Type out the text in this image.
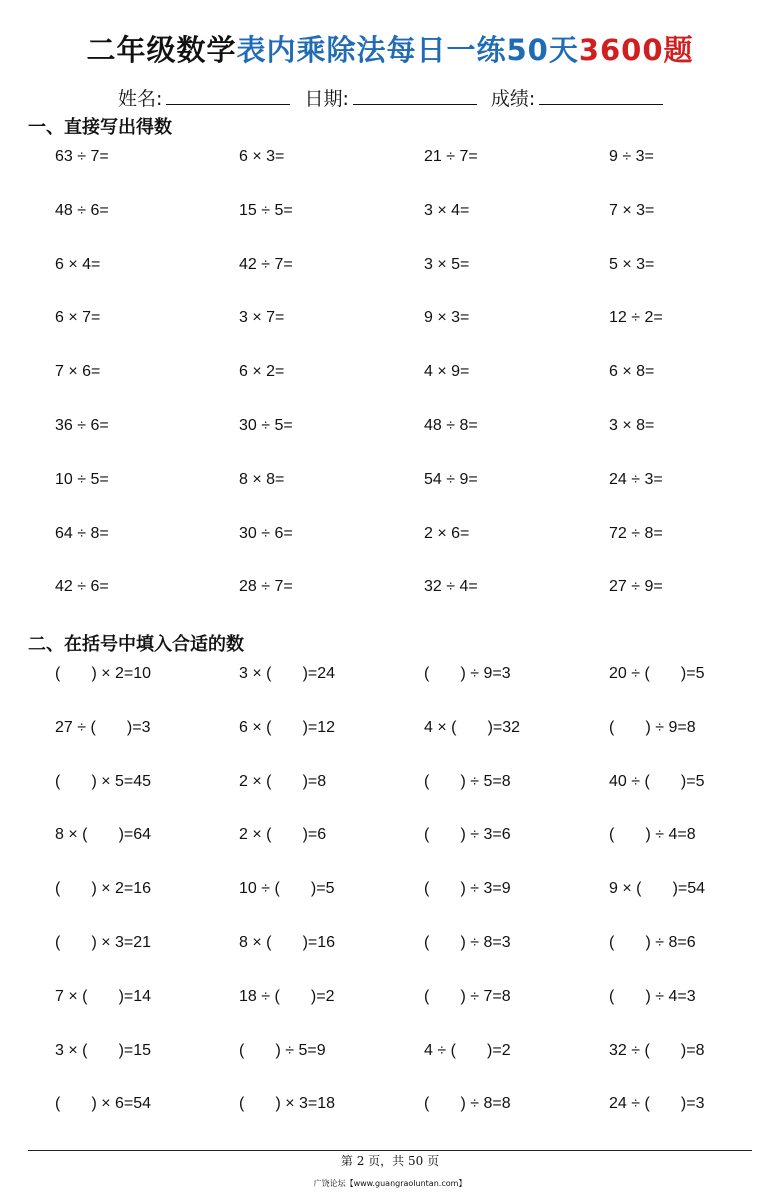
二年级数学表内乘除法每日一练50天3600题
姓名:	日期:	成绩:
一、直接写出得数
63 ÷ 7=	6 × 3=	21 ÷ 7=	9 ÷ 3=
48 ÷ 6=	15 ÷ 5=	3 × 4=	7 × 3=
6 × 4=	42 ÷ 7=	3 × 5=	5 × 3=
6 × 7=	3 × 7=	9 × 3=	12 ÷ 2=
7 × 6=	6 × 2=	4 × 9=	6 × 8=
36 ÷ 6=	30 ÷ 5=	48 ÷ 8=	3 × 8=
10 ÷ 5=	8 × 8=	54 ÷ 9=	24 ÷ 3=
64 ÷ 8=	30 ÷ 6=	2 × 6=	72 ÷ 8=
42 ÷ 6=	28 ÷ 7=	32 ÷ 4=	27 ÷ 9=
二、在括号中填入合适的数
(       ) × 2=10	3 × (       )=24	(       ) ÷ 9=3	20 ÷ (       )=5
27 ÷ (       )=3	6 × (       )=12	4 × (       )=32	(       ) ÷ 9=8
(       ) × 5=45	2 × (       )=8	(       ) ÷ 5=8	40 ÷ (       )=5
8 × (       )=64	2 × (       )=6	(       ) ÷ 3=6	(       ) ÷ 4=8
(       ) × 2=16	10 ÷ (       )=5	(       ) ÷ 3=9	9 × (       )=54
(       ) × 3=21	8 × (       )=16	(       ) ÷ 8=3	(       ) ÷ 8=6
7 × (       )=14	18 ÷ (       )=2	(       ) ÷ 7=8	(       ) ÷ 4=3
3 × (       )=15	(       ) ÷ 5=9	4 ÷ (       )=2	32 ÷ (       )=8
(       ) × 6=54	(       ) × 3=18	(       ) ÷ 8=8	24 ÷ (       )=3
第 2 页，共 50 页
广饶论坛【www.guangraoluntan.com】
